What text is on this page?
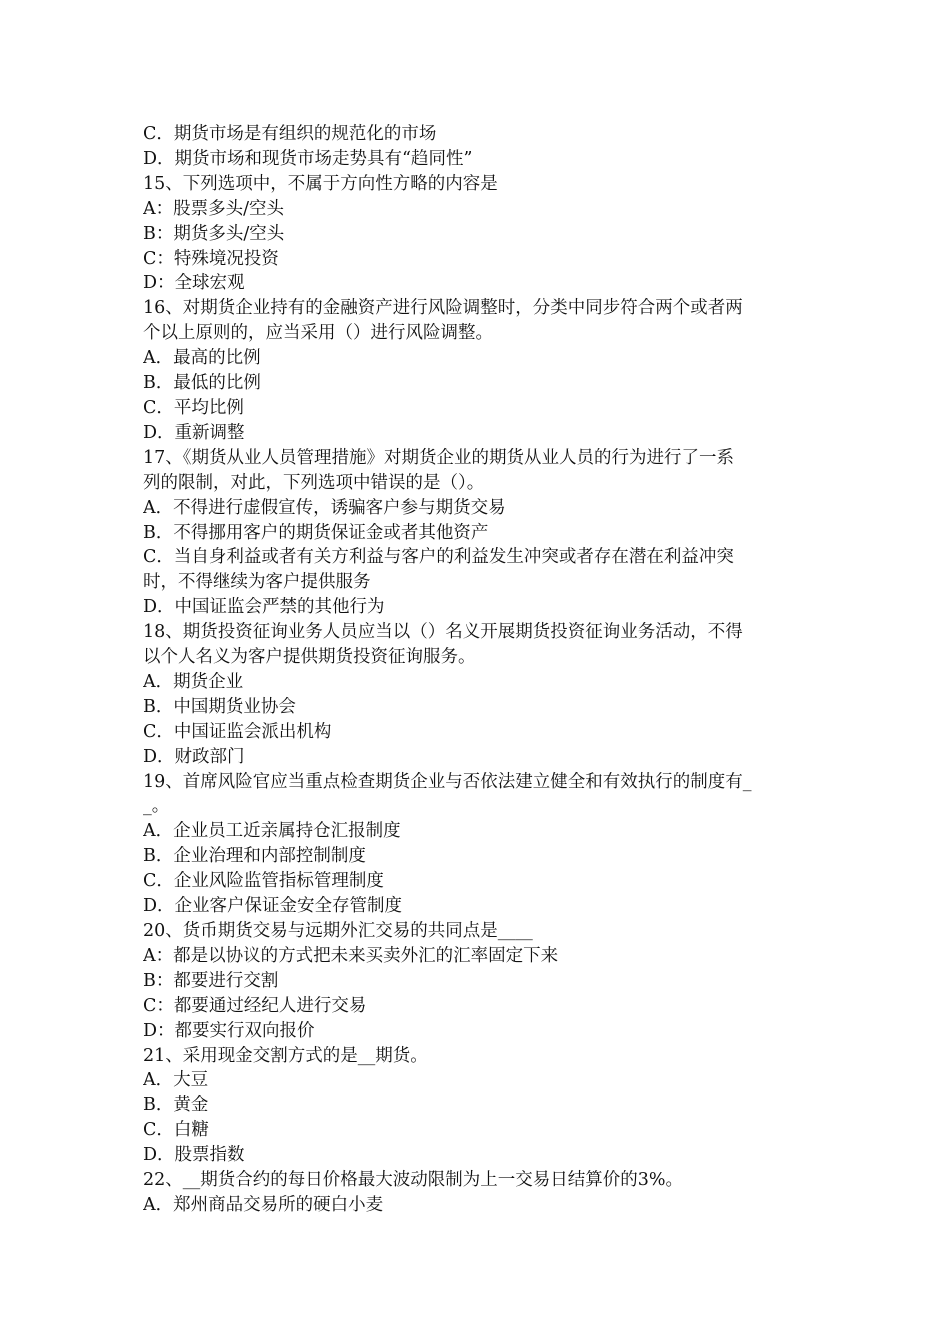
C．期货市场是有组织的规范化的市场

D．期货市场和现货市场走势具有“趋同性”

15、下列选项中，不属于方向性方略的内容是

A：股票多头/空头

B：期货多头/空头

C：特殊境况投资

D：全球宏观

16、对期货企业持有的金融资产进行风险调整时，分类中同步符合两个或者两

个以上原则的，应当采用（）进行风险调整。

A．最高的比例

B．最低的比例

C．平均比例

D．重新调整

17、《期货从业人员管理措施》对期货企业的期货从业人员的行为进行了一系

列的限制，对此，下列选项中错误的是（）。

A．不得进行虚假宣传，诱骗客户参与期货交易

B．不得挪用客户的期货保证金或者其他资产

C．当自身利益或者有关方利益与客户的利益发生冲突或者存在潜在利益冲突

时，不得继续为客户提供服务

D．中国证监会严禁的其他行为

18、期货投资征询业务人员应当以（）名义开展期货投资征询业务活动，不得

以个人名义为客户提供期货投资征询服务。

A．期货企业

B．中国期货业协会

C．中国证监会派出机构

D．财政部门

19、首席风险官应当重点检查期货企业与否依法建立健全和有效执行的制度有_

_。

A．企业员工近亲属持仓汇报制度

B．企业治理和内部控制制度

C．企业风险监管指标管理制度

D．企业客户保证金安全存管制度

20、货币期货交易与远期外汇交易的共同点是____

A：都是以协议的方式把未来买卖外汇的汇率固定下来

B：都要进行交割

C：都要通过经纪人进行交易

D：都要实行双向报价

21、采用现金交割方式的是__期货。

A．大豆

B．黄金

C．白糖

D．股票指数

22、__期货合约的每日价格最大波动限制为上一交易日结算价的3%。

A．郑州商品交易所的硬白小麦
